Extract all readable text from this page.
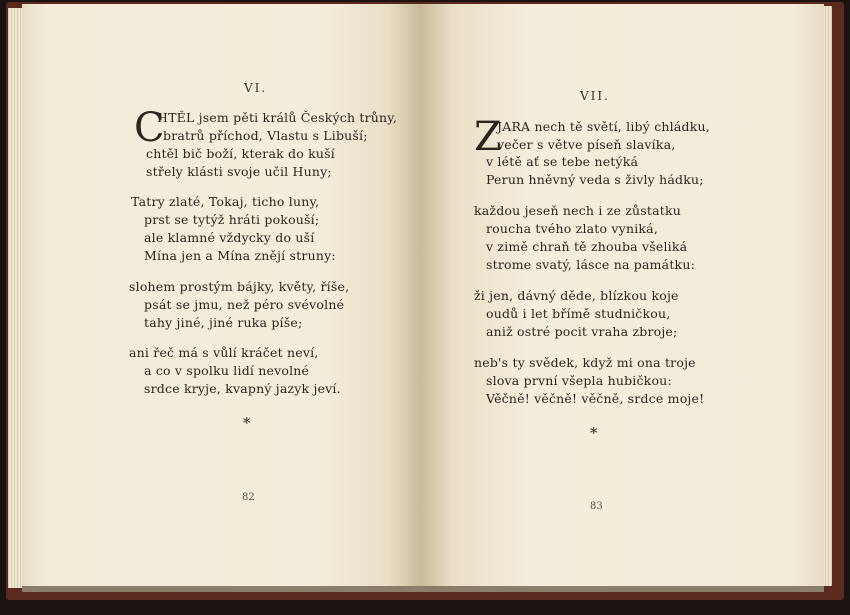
VI.
C
HTĚL jsem pěti králů Českých trůny,
bratrů příchod, Vlastu s Libuší;
chtěl bič boží, kterak do kuší
střely klásti svoje učil Huny;
Tatry zlaté, Tokaj, ticho luny,
prst se tytýž hráti pokouší;
ale klamné vždycky do uší
Mína jen a Mína znějí struny:
slohem prostým bájky, květy, říše,
psát se jmu, než péro svévolné
tahy jiné, jiné ruka píše;
ani řeč má s vůlí kráčet neví,
a co v spolku lidí nevolné
srdce kryje, kvapný jazyk jeví.
*
82
VII.
Z
JARA nech tě světí, libý chládku,
večer s větve píseň slavíka,
v létě ať se tebe netýká
Perun hněvný veda s živly hádku;
každou jeseň nech i ze zůstatku
roucha tvého zlato vyniká,
v zimě chraň tě zhouba všeliká
strome svatý, lásce na památku:
ži jen, dávný děde, blízkou koje
oudů i let břímě studničkou,
aniž ostré pocit vraha zbroje;
neb's ty svědek, když mi ona troje
slova první všepla hubičkou:
Věčně! věčně! věčně, srdce moje!
*
83
